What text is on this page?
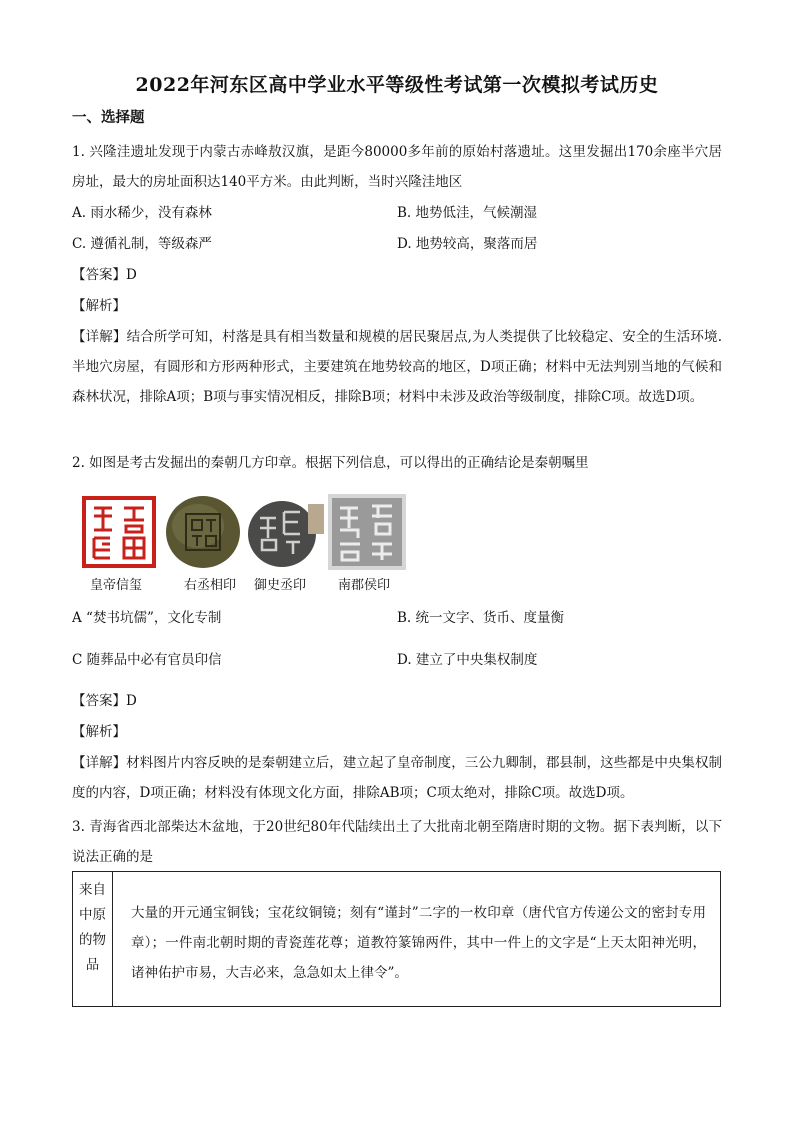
2022年河东区高中学业水平等级性考试第一次模拟考试历史
一、选择题
1. 兴隆洼遗址发现于内蒙古赤峰敖汉旗，是距今80000多年前的原始村落遗址。这里发掘出170余座半穴居房址，最大的房址面积达140平方米。由此判断，当时兴隆洼地区
A. 雨水稀少，没有森林	B. 地势低洼，气候潮湿
C. 遵循礼制，等级森严	D. 地势较高，聚落而居
【答案】D
【解析】
【详解】结合所学可知，村落是具有相当数量和规模的居民聚居点,为人类提供了比较稳定、安全的生活环境.半地穴房屋，有圆形和方形两种形式，主要建筑在地势较高的地区，D项正确；材料中无法判别当地的气候和森林状况，排除A项；B项与事实情况相反，排除B项；材料中未涉及政治等级制度，排除C项。故选D项。
2. 如图是考古发掘出的秦朝几方印章。根据下列信息，可以得出的正确结论是秦朝嘱里
皇帝信玺	右丞相印 御史丞印 南郡侯印
A “焚书坑儒”，文化专制	B. 统一文字、货币、度量衡
C 随葬品中必有官员印信	D. 建立了中央集权制度
【答案】D
【解析】
【详解】材料图片内容反映的是秦朝建立后，建立起了皇帝制度，三公九卿制，郡县制，这些都是中央集权制度的内容，D项正确；材料没有体现文化方面，排除AB项；C项太绝对，排除C项。故选D项。
3. 青海省西北部柴达木盆地，于20世纪80年代陆续出土了大批南北朝至隋唐时期的文物。据下表判断，以下说法正确的是
来自中原的物品
大量的开元通宝铜钱；宝花纹铜镜；刻有“谨封”二字的一枚印章（唐代官方传递公文的密封专用章）；一件南北朝时期的青瓷莲花尊；道教符篆锦两件，其中一件上的文字是“上天太阳神光明，诸神佑护市易，大吉必来，急急如太上律令”。
